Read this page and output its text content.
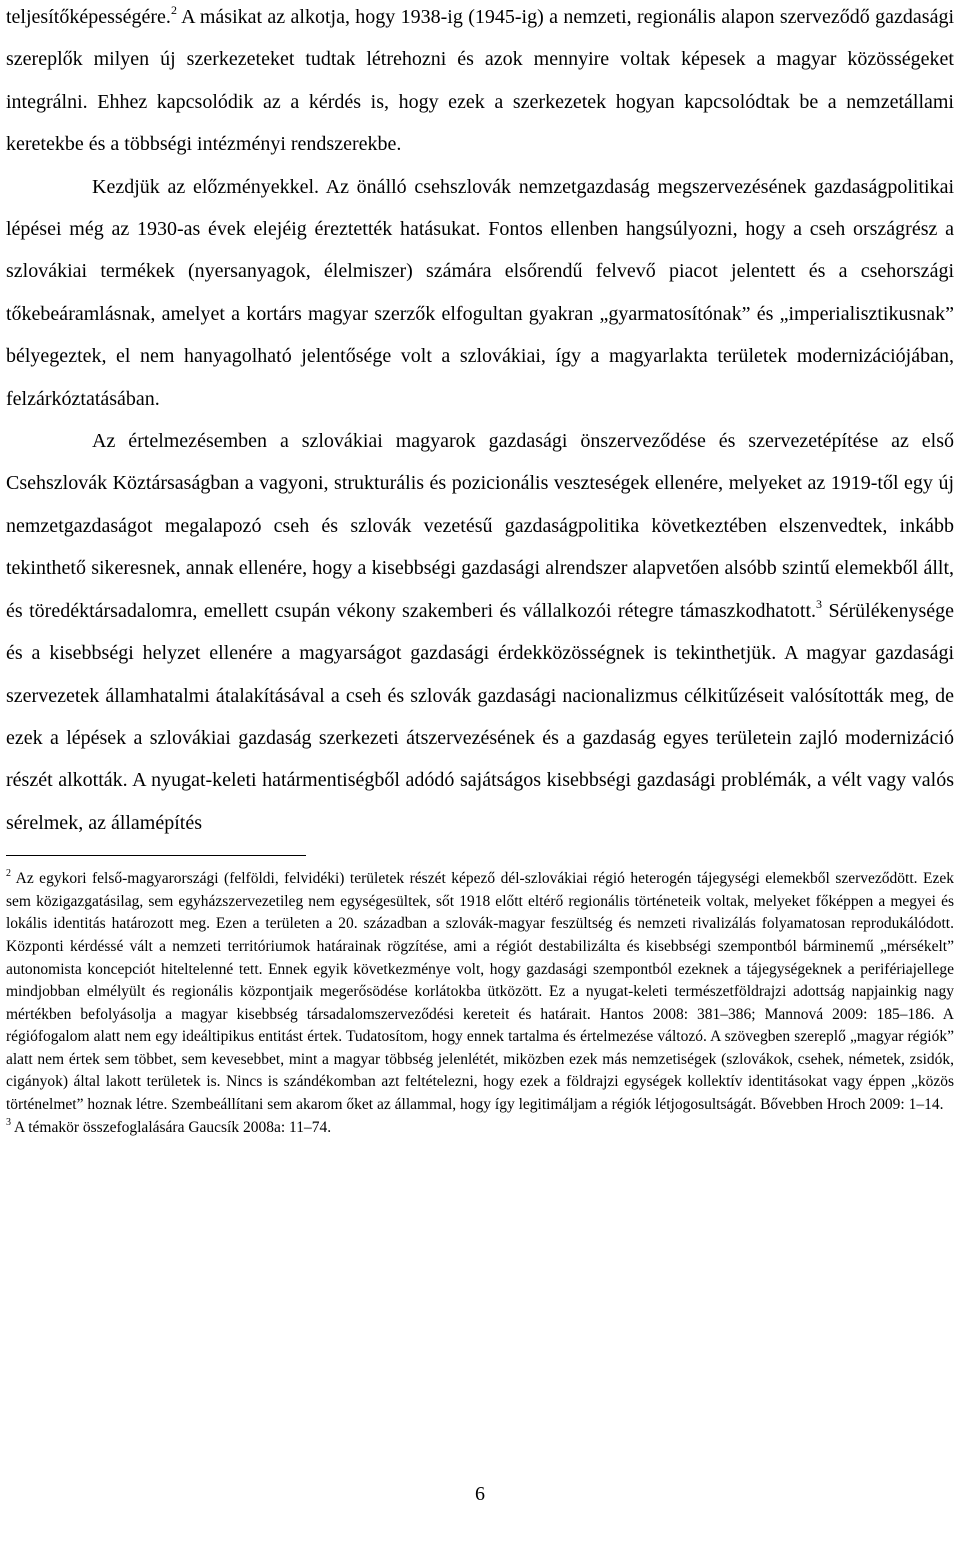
teljesítőképességére.$^2$ A másikat az alkotja, hogy 1938-ig (1945-ig) a nemzeti, regionális alapon szerveződő gazdasági szereplők milyen új szerkezeteket tudtak létrehozni és azok mennyire voltak képesek a magyar közösségeket integrálni. Ehhez kapcsolódik az a kérdés is, hogy ezek a szerkezetek hogyan kapcsolódtak be a nemzetállami keretekbe és a többségi intézményi rendszerekbe.

Kezdjük az előzményekkel. Az önálló csehszlovák nemzetgazdaság megszervezésének gazdaságpolitikai lépései még az 1930-as évek elejéig éreztették hatásukat. Fontos ellenben hangsúlyozni, hogy a cseh országrész a szlovákiai termékek (nyersanyagok, élelmiszer) számára elsőrendű felvevő piacot jelentett és a csehországi tőkebeáramlásnak, amelyet a kortárs magyar szerzők elfogultan gyakran „gyarmatosítónak” és „imperialisztikusnak” bélyegeztek, el nem hanyagolható jelentősége volt a szlovákiai, így a magyarlakta területek modernizációjában, felzárkóztatásában.

Az értelmezésemben a szlovákiai magyarok gazdasági önszerveződése és szervezetépítése az első Csehszlovák Köztársaságban a vagyoni, strukturális és pozicionális veszteségek ellenére, melyeket az 1919-től egy új nemzetgazdaságot megalapozó cseh és szlovák vezetésű gazdaságpolitika következtében elszenvedtek, inkább tekinthető sikeresnek, annak ellenére, hogy a kisebbségi gazdasági alrendszer alapvetően alsóbb szintű elemekből állt, és töredéktársadalomra, emellett csupán vékony szakemberi és vállalkozói rétegre támaszkodhatott.$^3$ Sérülékenysége és a kisebbségi helyzet ellenére a magyarságot gazdasági érdekközösségnek is tekinthetjük. A magyar gazdasági szervezetek államhatalmi átalakításával a cseh és szlovák gazdasági nacionalizmus célkitűzéseit valósították meg, de ezek a lépések a szlovákiai gazdaság szerkezeti átszervezésének és a gazdaság egyes területein zajló modernizáció részét alkották. A nyugat-keleti határmentiségből adódó sajátságos kisebbségi gazdasági problémák, a vélt vagy valós sérelmek, az államépítés

$^2$ Az egykori felső-magyarországi (felföldi, felvidéki) területek részét képező dél-szlovákiai régió heterogén tájegységi elemekből szerveződött. Ezek sem közigazgatásilag, sem egyházszervezetileg nem egységesültek, sőt 1918 előtt eltérő regionális történeteik voltak, melyeket főképpen a megyei és lokális identitás határozott meg. Ezen a területen a 20. században a szlovák-magyar feszültség és nemzeti rivalizálás folyamatosan reprodukálódott. Központi kérdéssé vált a nemzeti territóriumok határainak rögzítése, ami a régiót destabilizálta és kisebbségi szempontból bárminemű „mérsékelt” autonomista koncepciót hiteltelenné tett. Ennek egyik következménye volt, hogy gazdasági szempontból ezeknek a tájegységeknek a perifériajellege mindjobban elmélyült és regionális központjaik megerősödése korlátokba ütközött. Ez a nyugat-keleti természetföldrajzi adottság napjainkig nagy mértékben befolyásolja a magyar kisebbség társadalomszerveződési kereteit és határait. Hantos 2008: 381–386; Mannová 2009: 185–186. A régiófogalom alatt nem egy ideáltipikus entitást értek. Tudatosítom, hogy ennek tartalma és értelmezése változó. A szövegben szereplő „magyar régiók” alatt nem értek sem többet, sem kevesebbet, mint a magyar többség jelenlétét, miközben ezek más nemzetiségek (szlovákok, csehek, németek, zsidók, cigányok) által lakott területek is. Nincs is szándékomban azt feltételezni, hogy ezek a földrajzi egységek kollektív identitásokat vagy éppen „közös történelmet” hoznak létre. Szembeállítani sem akarom őket az állammal, hogy így legitimáljam a régiók létjogosultságát. Bővebben Hroch 2009: 1–14.

$^3$ A témakör összefoglalására Gaucsík 2008a: 11–74.

6
